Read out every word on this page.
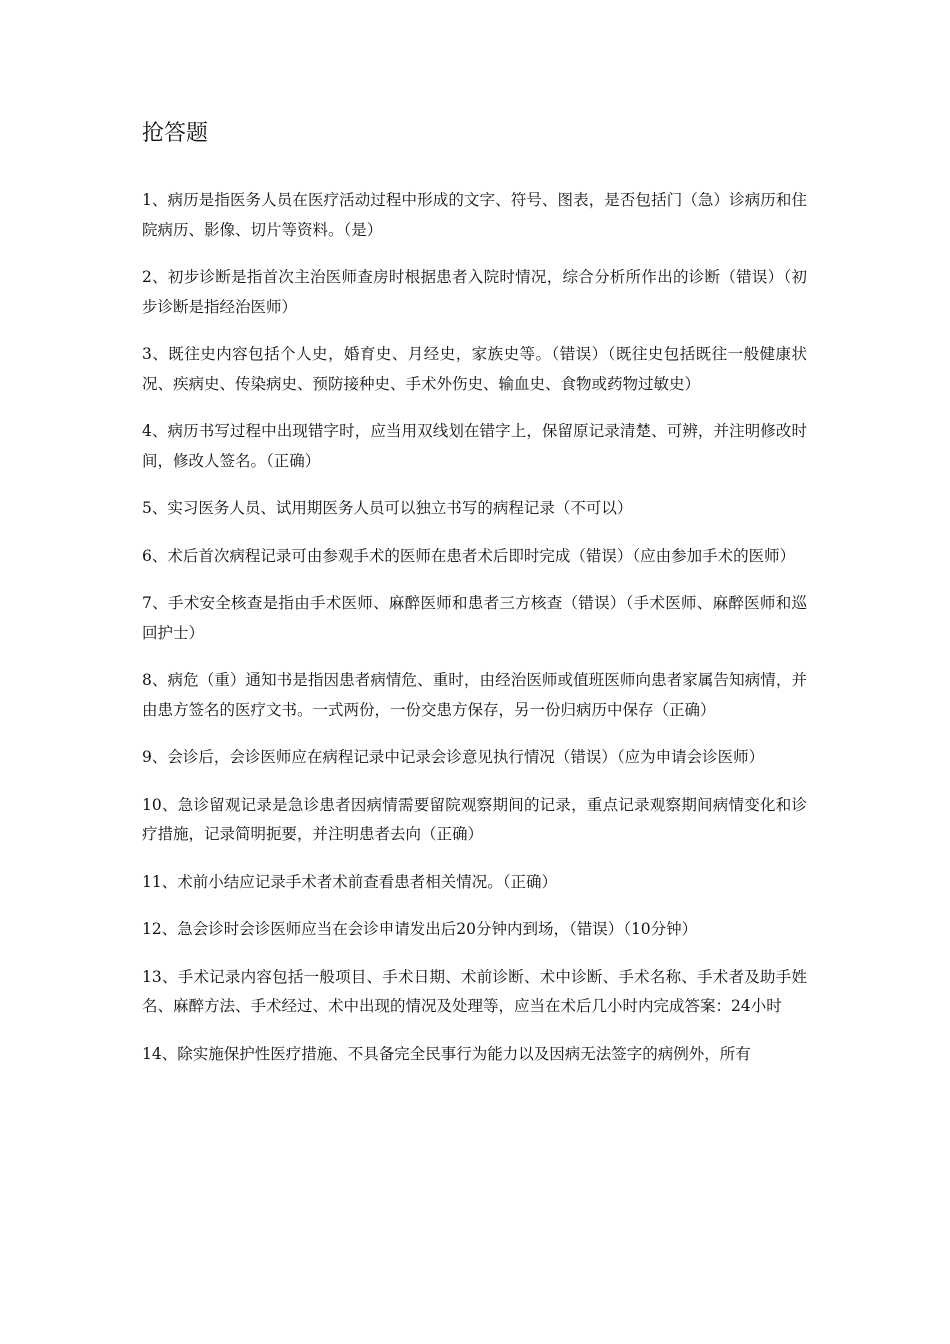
抢答题
1、病历是指医务人员在医疗活动过程中形成的文字、符号、图表，是否包括门（急）诊病历和住院病历、影像、切片等资料。（是）
2、初步诊断是指首次主治医师查房时根据患者入院时情况，综合分析所作出的诊断（错误）（初步诊断是指经治医师）
3、既往史内容包括个人史，婚育史、月经史，家族史等。（错误）（既往史包括既往一般健康状况、疾病史、传染病史、预防接种史、手术外伤史、输血史、食物或药物过敏史）
4、病历书写过程中出现错字时，应当用双线划在错字上，保留原记录清楚、可辨，并注明修改时间，修改人签名。（正确）
5、实习医务人员、试用期医务人员可以独立书写的病程记录（不可以）
6、术后首次病程记录可由参观手术的医师在患者术后即时完成（错误）（应由参加手术的医师）
7、手术安全核查是指由手术医师、麻醉医师和患者三方核查（错误）（手术医师、麻醉医师和巡回护士）
8、病危（重）通知书是指因患者病情危、重时，由经治医师或值班医师向患者家属告知病情，并由患方签名的医疗文书。一式两份，一份交患方保存，另一份归病历中保存（正确）
9、会诊后，会诊医师应在病程记录中记录会诊意见执行情况（错误）（应为申请会诊医师）
10、急诊留观记录是急诊患者因病情需要留院观察期间的记录，重点记录观察期间病情变化和诊疗措施，记录简明扼要，并注明患者去向（正确）
11、术前小结应记录手术者术前查看患者相关情况。（正确）
12、急会诊时会诊医师应当在会诊申请发出后20分钟内到场，（错误）（10分钟）
13、手术记录内容包括一般项目、手术日期、术前诊断、术中诊断、手术名称、手术者及助手姓名、麻醉方法、手术经过、术中出现的情况及处理等，应当在术后几小时内完成答案：24小时
14、除实施保护性医疗措施、不具备完全民事行为能力以及因病无法签字的病例外，所有
